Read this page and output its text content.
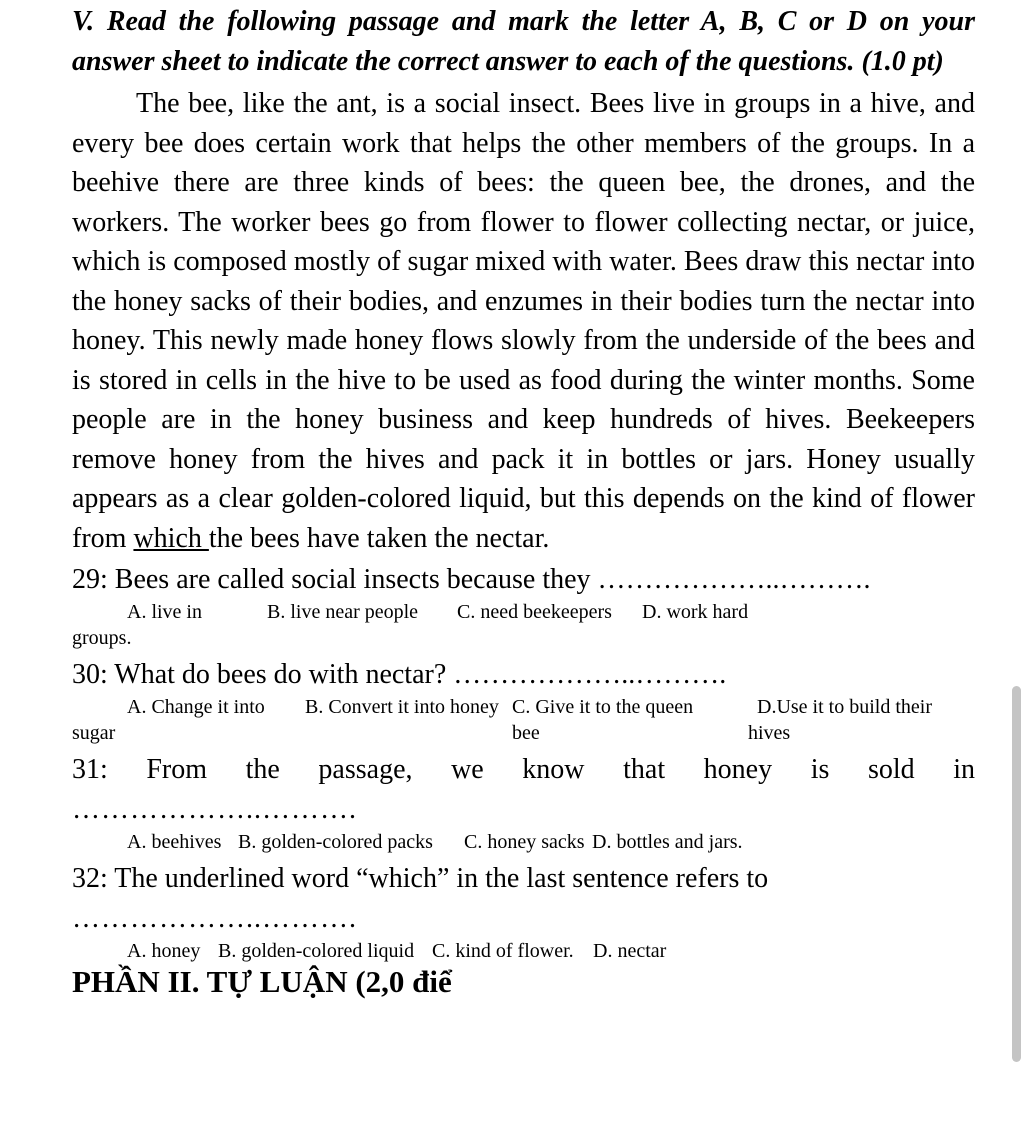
V. Read the following passage and mark the letter A, B, C or D on your answer sheet to indicate the correct answer to each of the questions. (1.0 pt)

The bee, like the ant, is a social insect. Bees live in groups in a hive, and every bee does certain work that helps the other members of the groups. In a beehive there are three kinds of bees: the queen bee, the drones, and the workers. The worker bees go from flower to flower collecting nectar, or juice, which is composed mostly of sugar mixed with water. Bees draw this nectar into the honey sacks of their bodies, and enzumes in their bodies turn the nectar into honey. This newly made honey flows slowly from the underside of the bees and is stored in cells in the hive to be used as food during the winter months. Some people are in the honey business and keep hundreds of hives. Beekeepers remove honey from the hives and pack it in bottles or jars. Honey usually appears as a clear golden-colored liquid, but this depends on the kind of flower from which the bees have taken the nectar.

29: Bees are called social insects because they ………………..……….

A. live in	B. live near people C. need beekeepers D. work hard
groups.

30: What do bees do with nectar? ………………..……….

A. Change it into B. Convert it into honey C. Give it to the queen	D.Use it to build their
sugar	bee	hives

31: From the passage, we know that honey is sold in

………………..……….

A. beehives B. golden-colored packs C. honey sacks D. bottles and jars.

32: The underlined word “which” in the last sentence refers to

………………..……….

A. honey B. golden-colored liquid C. kind of flower. D. nectar
PHẦN II. TỰ LUẬN (2,0 điể
